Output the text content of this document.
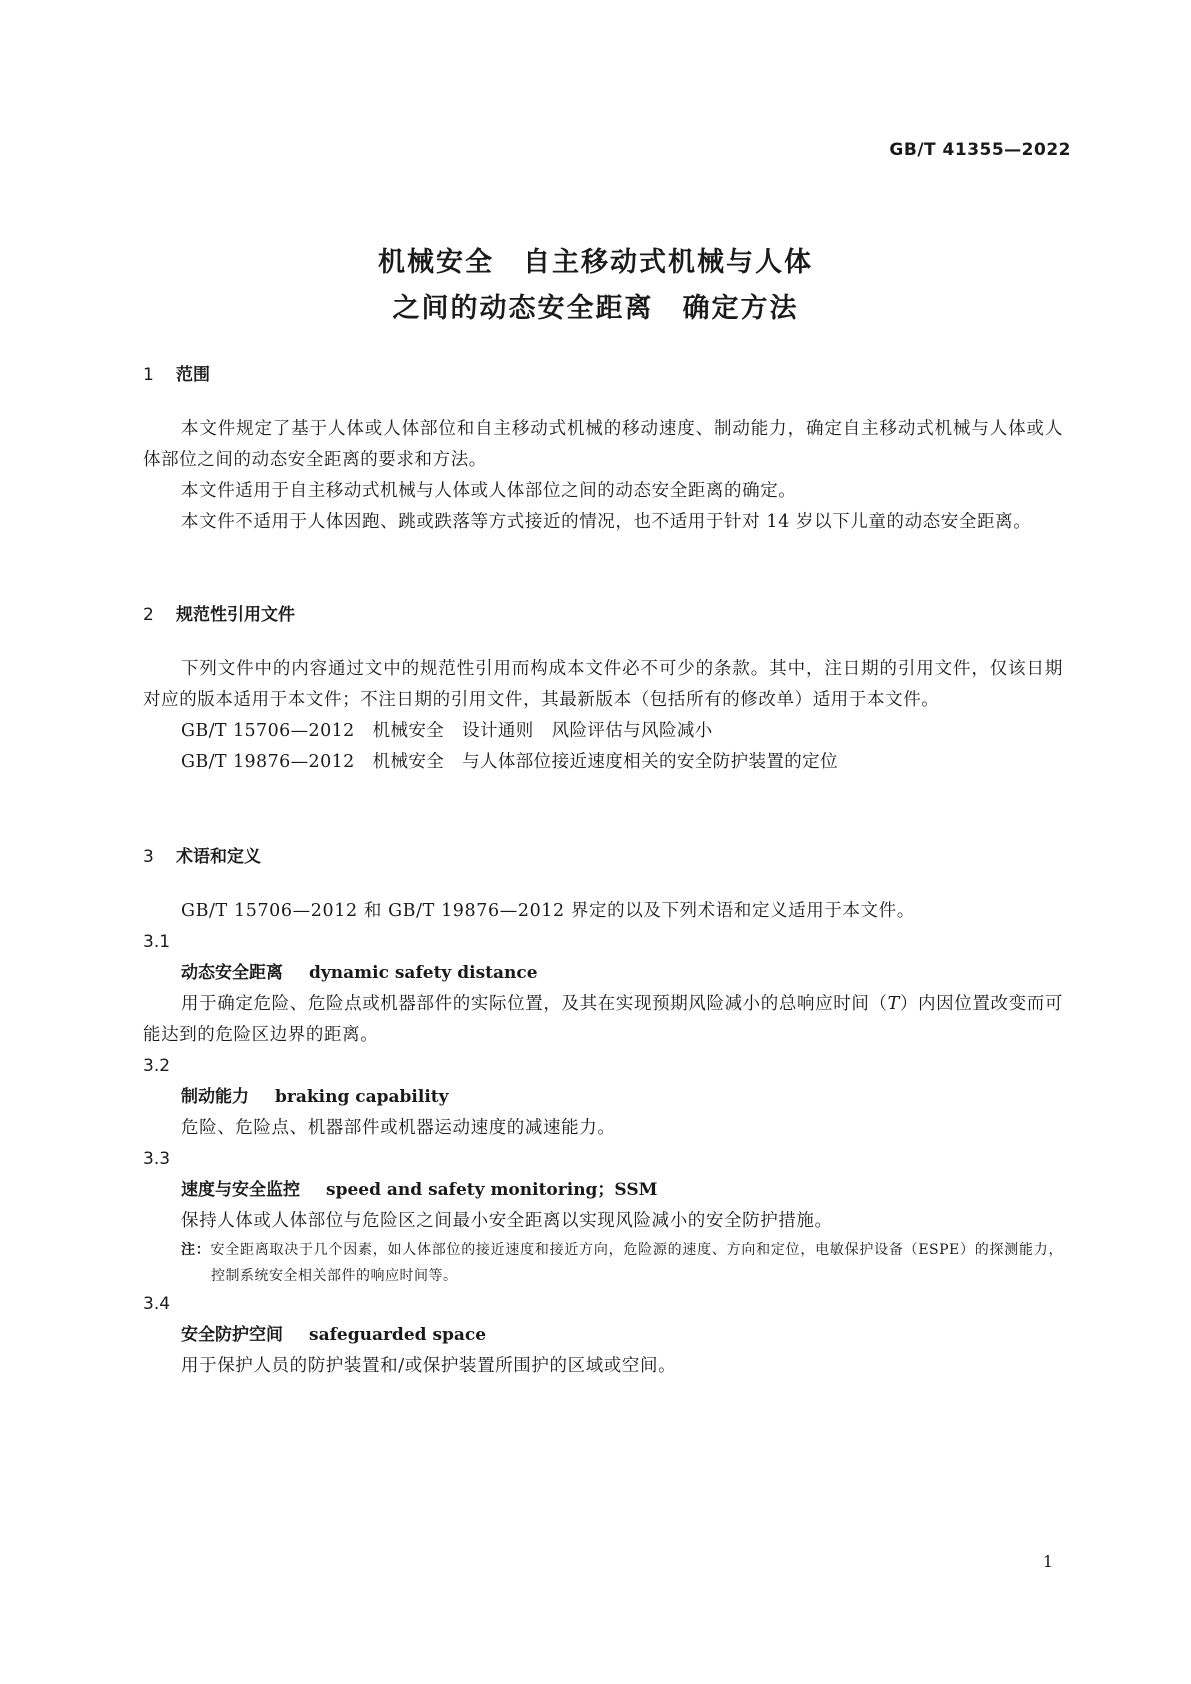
GB/T 41355—2022
机械安全　自主移动式机械与人体
之间的动态安全距离　确定方法
1 范围
本文件规定了基于人体或人体部位和自主移动式机械的移动速度、制动能力，确定自主移动式机械与人体或人体部位之间的动态安全距离的要求和方法。
本文件适用于自主移动式机械与人体或人体部位之间的动态安全距离的确定。
本文件不适用于人体因跑、跳或跌落等方式接近的情况，也不适用于针对 14 岁以下儿童的动态安全距离。
2 规范性引用文件
下列文件中的内容通过文中的规范性引用而构成本文件必不可少的条款。其中，注日期的引用文件，仅该日期对应的版本适用于本文件；不注日期的引用文件，其最新版本（包括所有的修改单）适用于本文件。
GB/T 15706—2012　机械安全　设计通则　风险评估与风险减小
GB/T 19876—2012　机械安全　与人体部位接近速度相关的安全防护装置的定位
3 术语和定义
GB/T 15706—2012 和 GB/T 19876—2012 界定的以及下列术语和定义适用于本文件。
3.1
动态安全距离 dynamic safety distance
用于确定危险、危险点或机器部件的实际位置，及其在实现预期风险减小的总响应时间（T）内因位置改变而可能达到的危险区边界的距离。
3.2
制动能力 braking capability
危险、危险点、机器部件或机器运动速度的减速能力。
3.3
速度与安全监控 speed and safety monitoring；SSM
保持人体或人体部位与危险区之间最小安全距离以实现风险减小的安全防护措施。
注：安全距离取决于几个因素，如人体部位的接近速度和接近方向，危险源的速度、方向和定位，电敏保护设备（ESPE）的探测能力，控制系统安全相关部件的响应时间等。
3.4
安全防护空间 safeguarded space
用于保护人员的防护装置和/或保护装置所围护的区域或空间。
1
